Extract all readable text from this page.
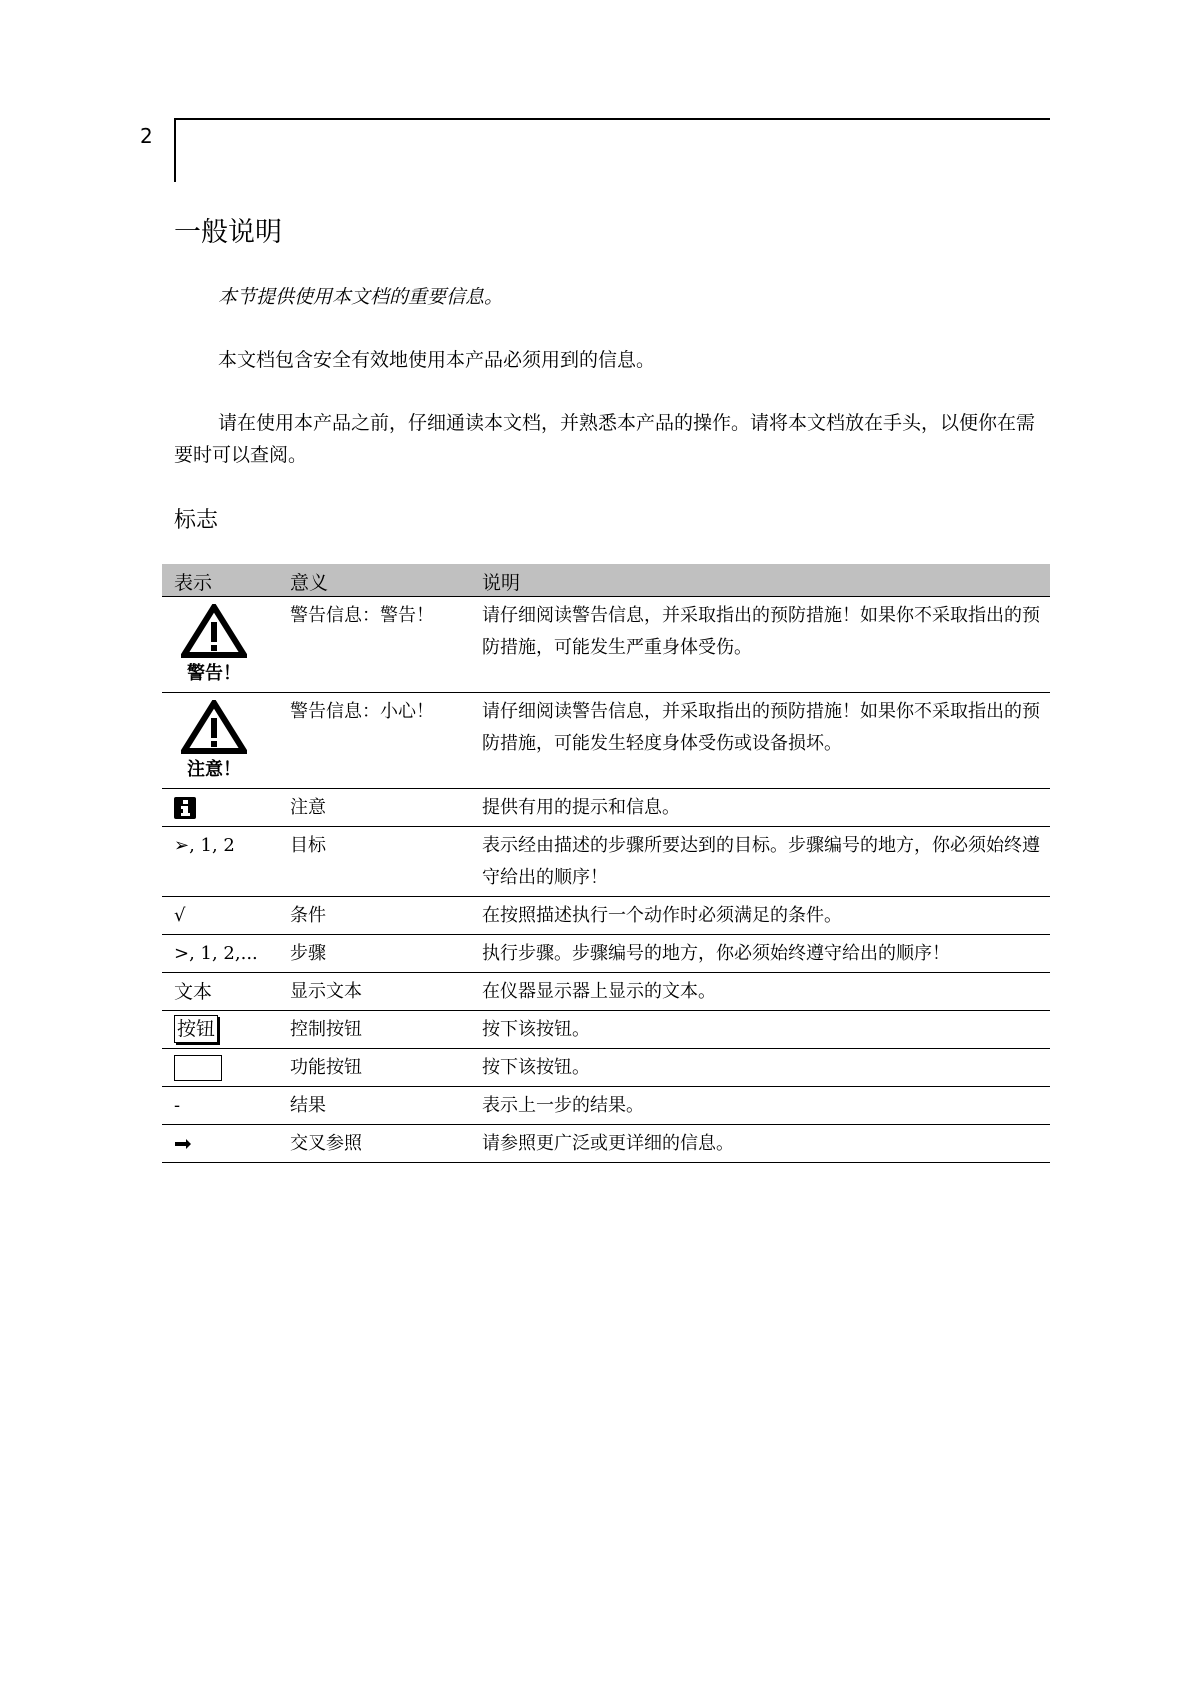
2
一般说明
本节提供使用本文档的重要信息。
本文档包含安全有效地使用本产品必须用到的信息。

请在使用本产品之前，仔细通读本文档，并熟悉本产品的操作。请将本文档放在手头，以便你在需要时可以查阅。

标志
表示	意义	说明

警告！	警告信息：警告！	请仔细阅读警告信息，并采取指出的预防措施！如果你不采取指出的预防措施，可能发生严重身体受伤。

注意！	警告信息：小心！	请仔细阅读警告信息，并采取指出的预防措施！如果你不采取指出的预防措施，可能发生轻度身体受伤或设备损坏。
	注意	提供有用的提示和信息。
➢, 1, 2	目标	表示经由描述的步骤所要达到的目标。步骤编号的地方，你必须始终遵守给出的顺序！
√	条件	在按照描述执行一个动作时必须满足的条件。
>, 1, 2,...	步骤	执行步骤。步骤编号的地方，你必须始终遵守给出的顺序！
文本	显示文本	在仪器显示器上显示的文本。
按钮	控制按钮	按下该按钮。
	功能按钮	按下该按钮。
-	结果	表示上一步的结果。
	交叉参照	请参照更广泛或更详细的信息。
